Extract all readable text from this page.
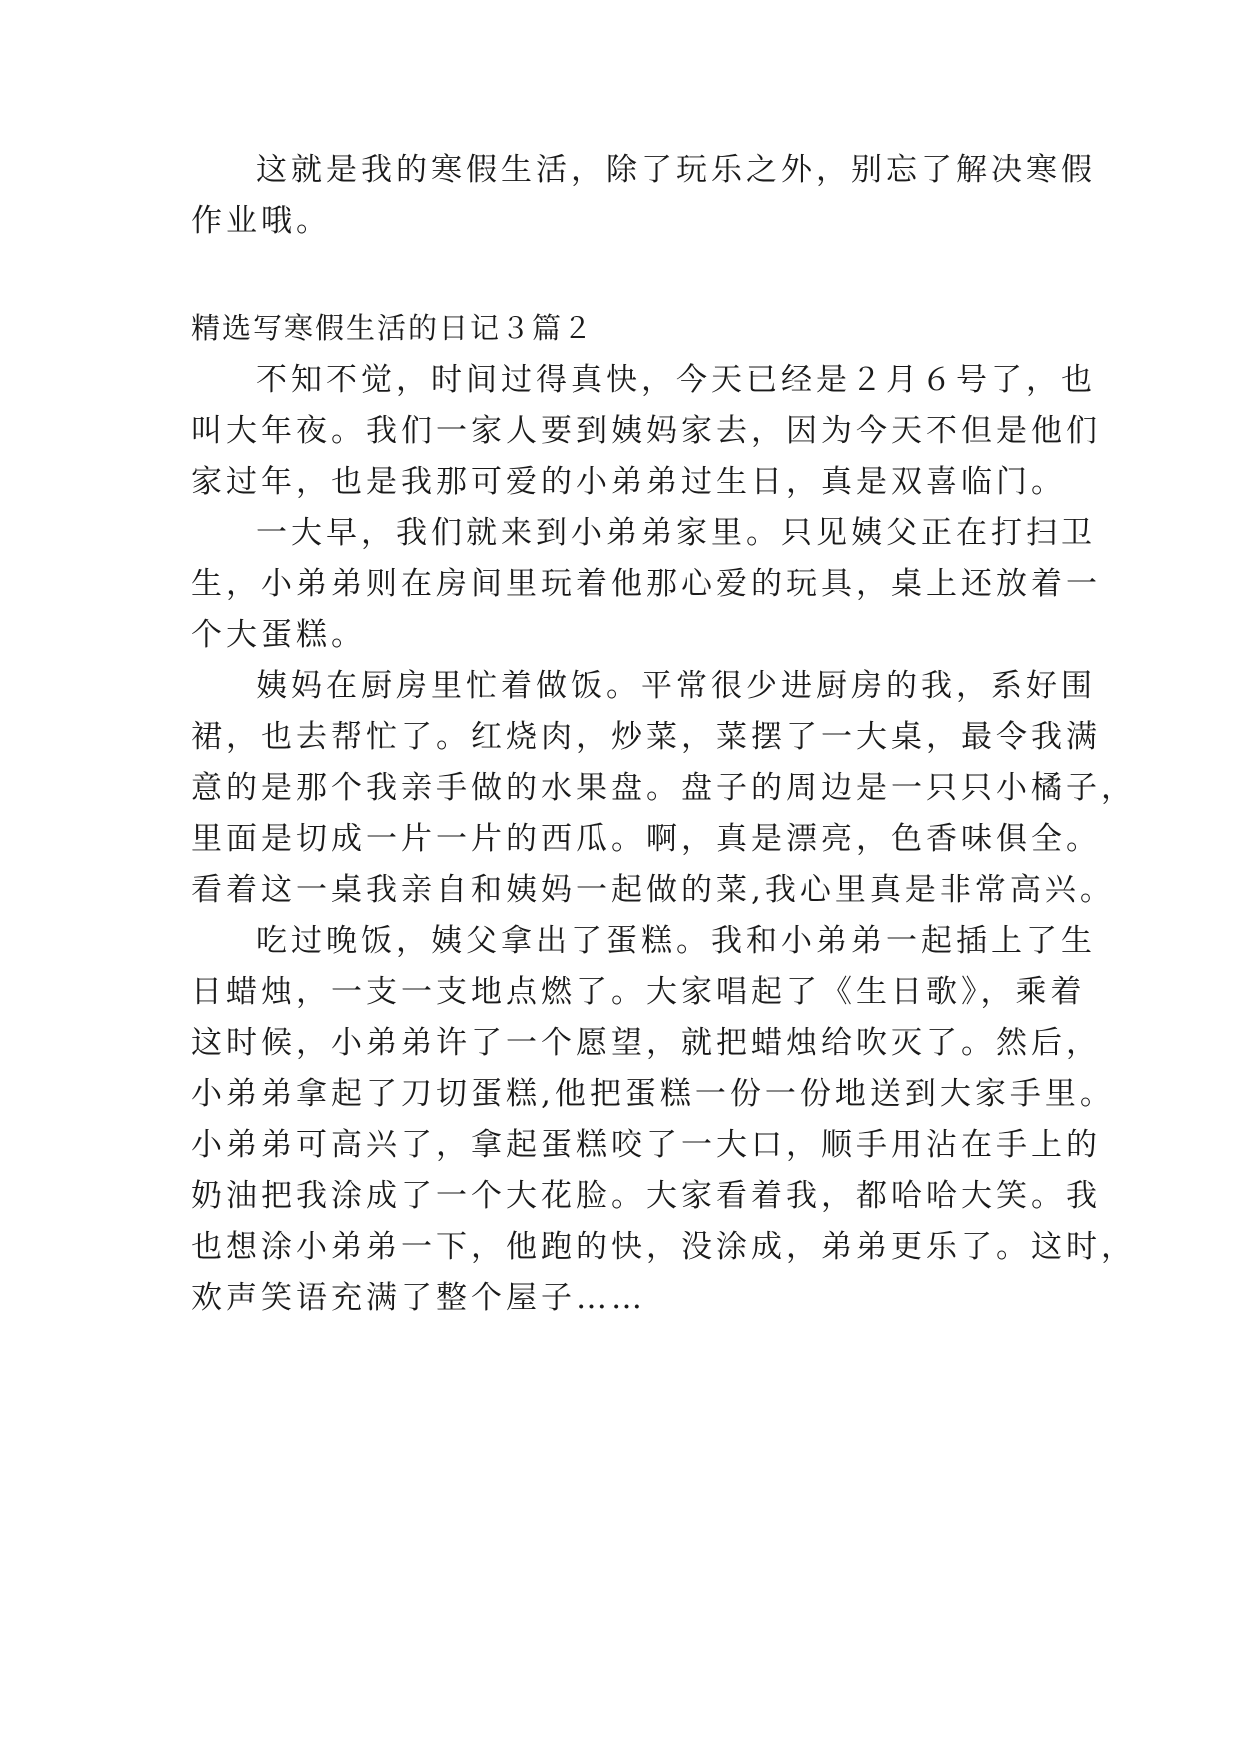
这就是我的寒假生活，除了玩乐之外，别忘了解决寒假
作业哦。
精选写寒假生活的日记３篇２
不知不觉，时间过得真快，今天已经是２月６号了，也
叫大年夜。我们一家人要到姨妈家去，因为今天不但是他们
家过年，也是我那可爱的小弟弟过生日，真是双喜临门。
一大早，我们就来到小弟弟家里。只见姨父正在打扫卫
生，小弟弟则在房间里玩着他那心爱的玩具，桌上还放着一
个大蛋糕。
姨妈在厨房里忙着做饭。平常很少进厨房的我，系好围
裙，也去帮忙了。红烧肉，炒菜，菜摆了一大桌，最令我满
意的是那个我亲手做的水果盘。盘子的周边是一只只小橘子，
里面是切成一片一片的西瓜。啊，真是漂亮，色香味俱全。
看着这一桌我亲自和姨妈一起做的菜,我心里真是非常高兴。
吃过晚饭，姨父拿出了蛋糕。我和小弟弟一起插上了生
日蜡烛，一支一支地点燃了。大家唱起了《生日歌》，乘着
这时候，小弟弟许了一个愿望，就把蜡烛给吹灭了。然后，
小弟弟拿起了刀切蛋糕,他把蛋糕一份一份地送到大家手里。
小弟弟可高兴了，拿起蛋糕咬了一大口，顺手用沾在手上的
奶油把我涂成了一个大花脸。大家看着我，都哈哈大笑。我
也想涂小弟弟一下，他跑的快，没涂成，弟弟更乐了。这时，
欢声笑语充满了整个屋子……
